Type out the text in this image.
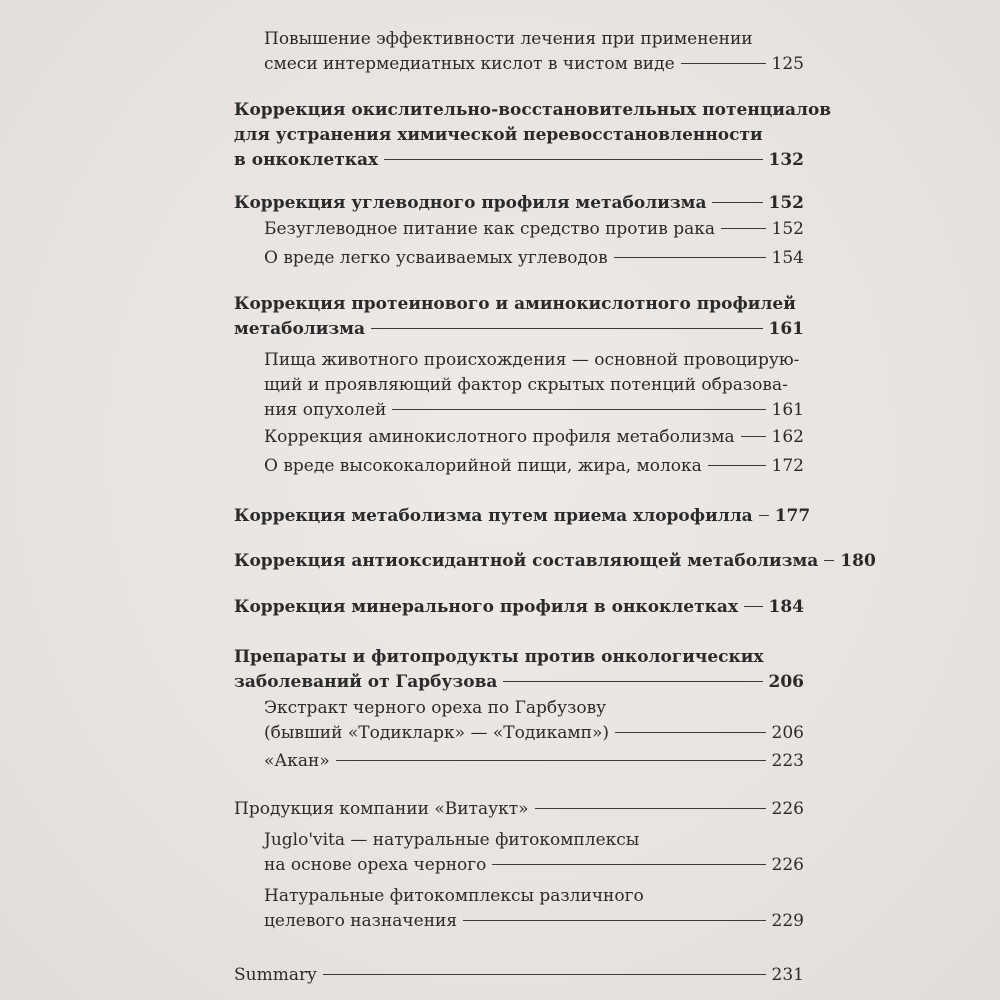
Повышение эффективности лечения при применении
смеси интермедиатных кислот в чистом виде	125
Коррекция окислительно-восстановительных потенциалов
для устранения химической перевосстановленности
в онкоклетках	132
Коррекция углеводного профиля метаболизма	152
Безуглеводное питание как средство против рака	152
О вреде легко усваиваемых углеводов	154
Коррекция протеинового и аминокислотного профилей
метаболизма	161
Пища животного происхождения — основной провоцирую-
щий и проявляющий фактор скрытых потенций образова-
ния опухолей	161
Коррекция аминокислотного профиля метаболизма 162
О вреде высококалорийной пищи, жира, молока	172
Коррекция метаболизма путем приема хлорофилла 177
Коррекция антиоксидантной составляющей метаболизма 180
Коррекция минерального профиля в онкоклетках 184
Препараты и фитопродукты против онкологических
заболеваний от Гарбузова	206
Экстракт черного ореха по Гарбузову
(бывший «Тодикларк» — «Тодикамп»)	206
«Акан»	223
Продукция компании «Витаукт»	226
Juglo'vita — натуральные фитокомплексы
на основе ореха черного	226
Натуральные фитокомплексы различного
целевого назначения	229
Summary	231
